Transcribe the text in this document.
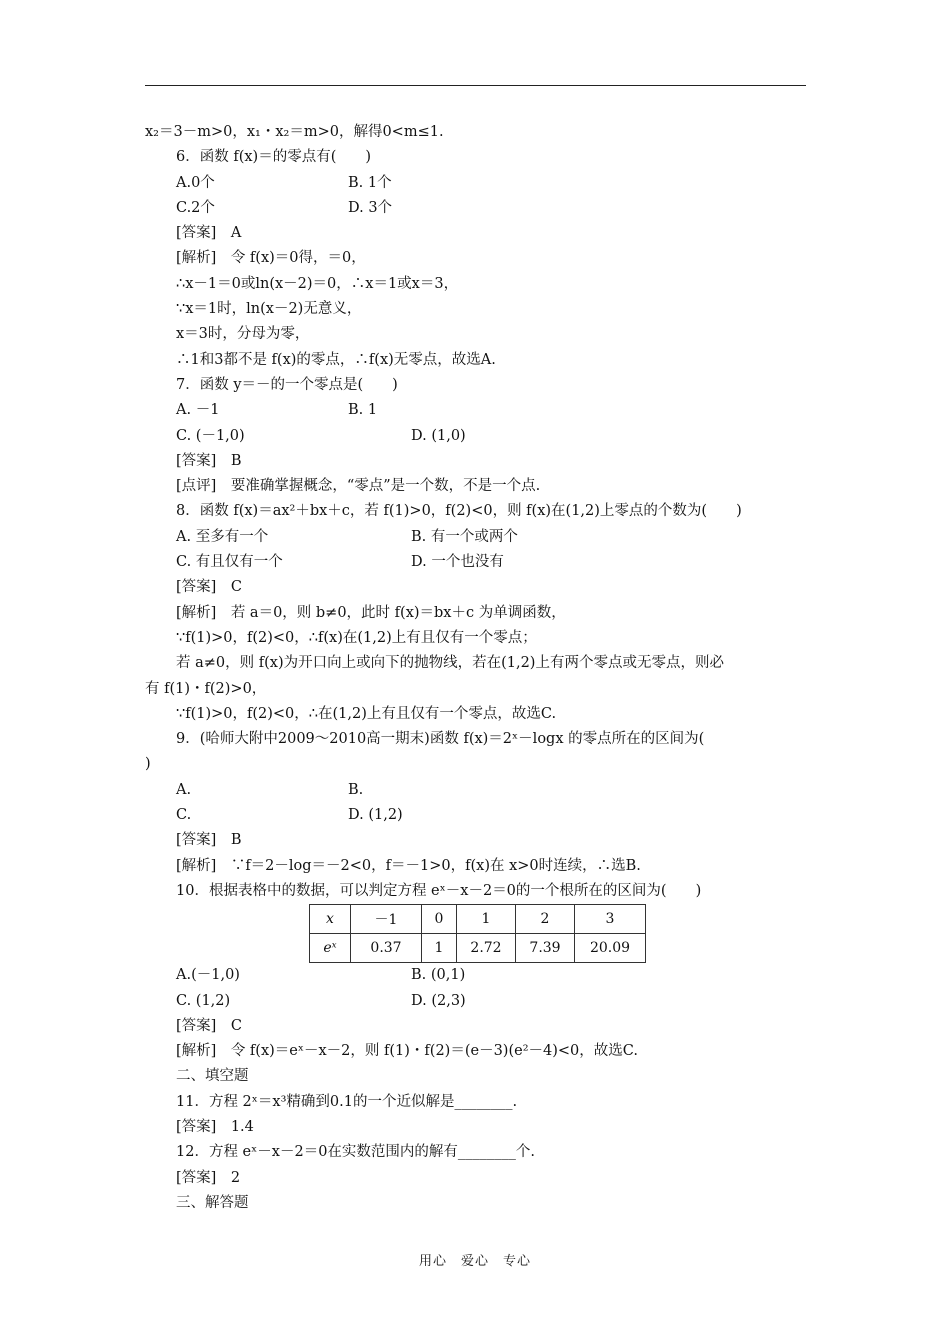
x₂＝3－m>0，x₁・x₂＝m>0，解得0<m≤1.
6．函数 f(x)＝的零点有(　　)
A.0个	B. 1个
C.2个	D. 3个
[答案]　A
[解析]　令 f(x)＝0得，＝0，
∴x－1＝0或ln(x－2)＝0，∴x＝1或x＝3，
∵x＝1时，ln(x－2)无意义，
x＝3时，分母为零，
∴1和3都不是 f(x)的零点，∴f(x)无零点，故选A.
7．函数 y＝－的一个零点是(　　)
A. －1	B. 1
C. (－1,0)	D. (1,0)
[答案]　B
[点评]　要准确掌握概念，“零点”是一个数，不是一个点.
8．函数 f(x)＝ax²＋bx＋c，若 f(1)>0，f(2)<0，则 f(x)在(1,2)上零点的个数为(　　)
A. 至多有一个	B. 有一个或两个
C. 有且仅有一个	D. 一个也没有
[答案]　C
[解析]　若 a＝0，则 b≠0，此时 f(x)＝bx＋c 为单调函数，
∵f(1)>0，f(2)<0，∴f(x)在(1,2)上有且仅有一个零点；
若 a≠0，则 f(x)为开口向上或向下的抛物线，若在(1,2)上有两个零点或无零点，则必
有 f(1)・f(2)>0，
∵f(1)>0，f(2)<0，∴在(1,2)上有且仅有一个零点，故选C.
9．(哈师大附中2009～2010高一期末)函数 f(x)＝2ˣ－logx 的零点所在的区间为(
)
A.	B.
C.	D. (1,2)
[答案]　B
[解析]　∵f＝2－log＝－2<0，f＝－1>0，f(x)在 x>0时连续，∴选B.
10．根据表格中的数据，可以判定方程 eˣ－x－2＝0的一个根所在的区间为(　　)
x	－1	0	1	2	3
eˣ	0.37	1	2.72	7.39	20.09
A.(－1,0)	B. (0,1)
C. (1,2)	D. (2,3)
[答案]　C
[解析]　令 f(x)＝eˣ－x－2，则 f(1)・f(2)＝(e－3)(e²－4)<0，故选C.
二、填空题
11．方程 2ˣ＝x³精确到0.1的一个近似解是________.
[答案]　1.4
12．方程 eˣ－x－2＝0在实数范围内的解有________个.
[答案]　2
三、解答题
用心　爱心　专心
